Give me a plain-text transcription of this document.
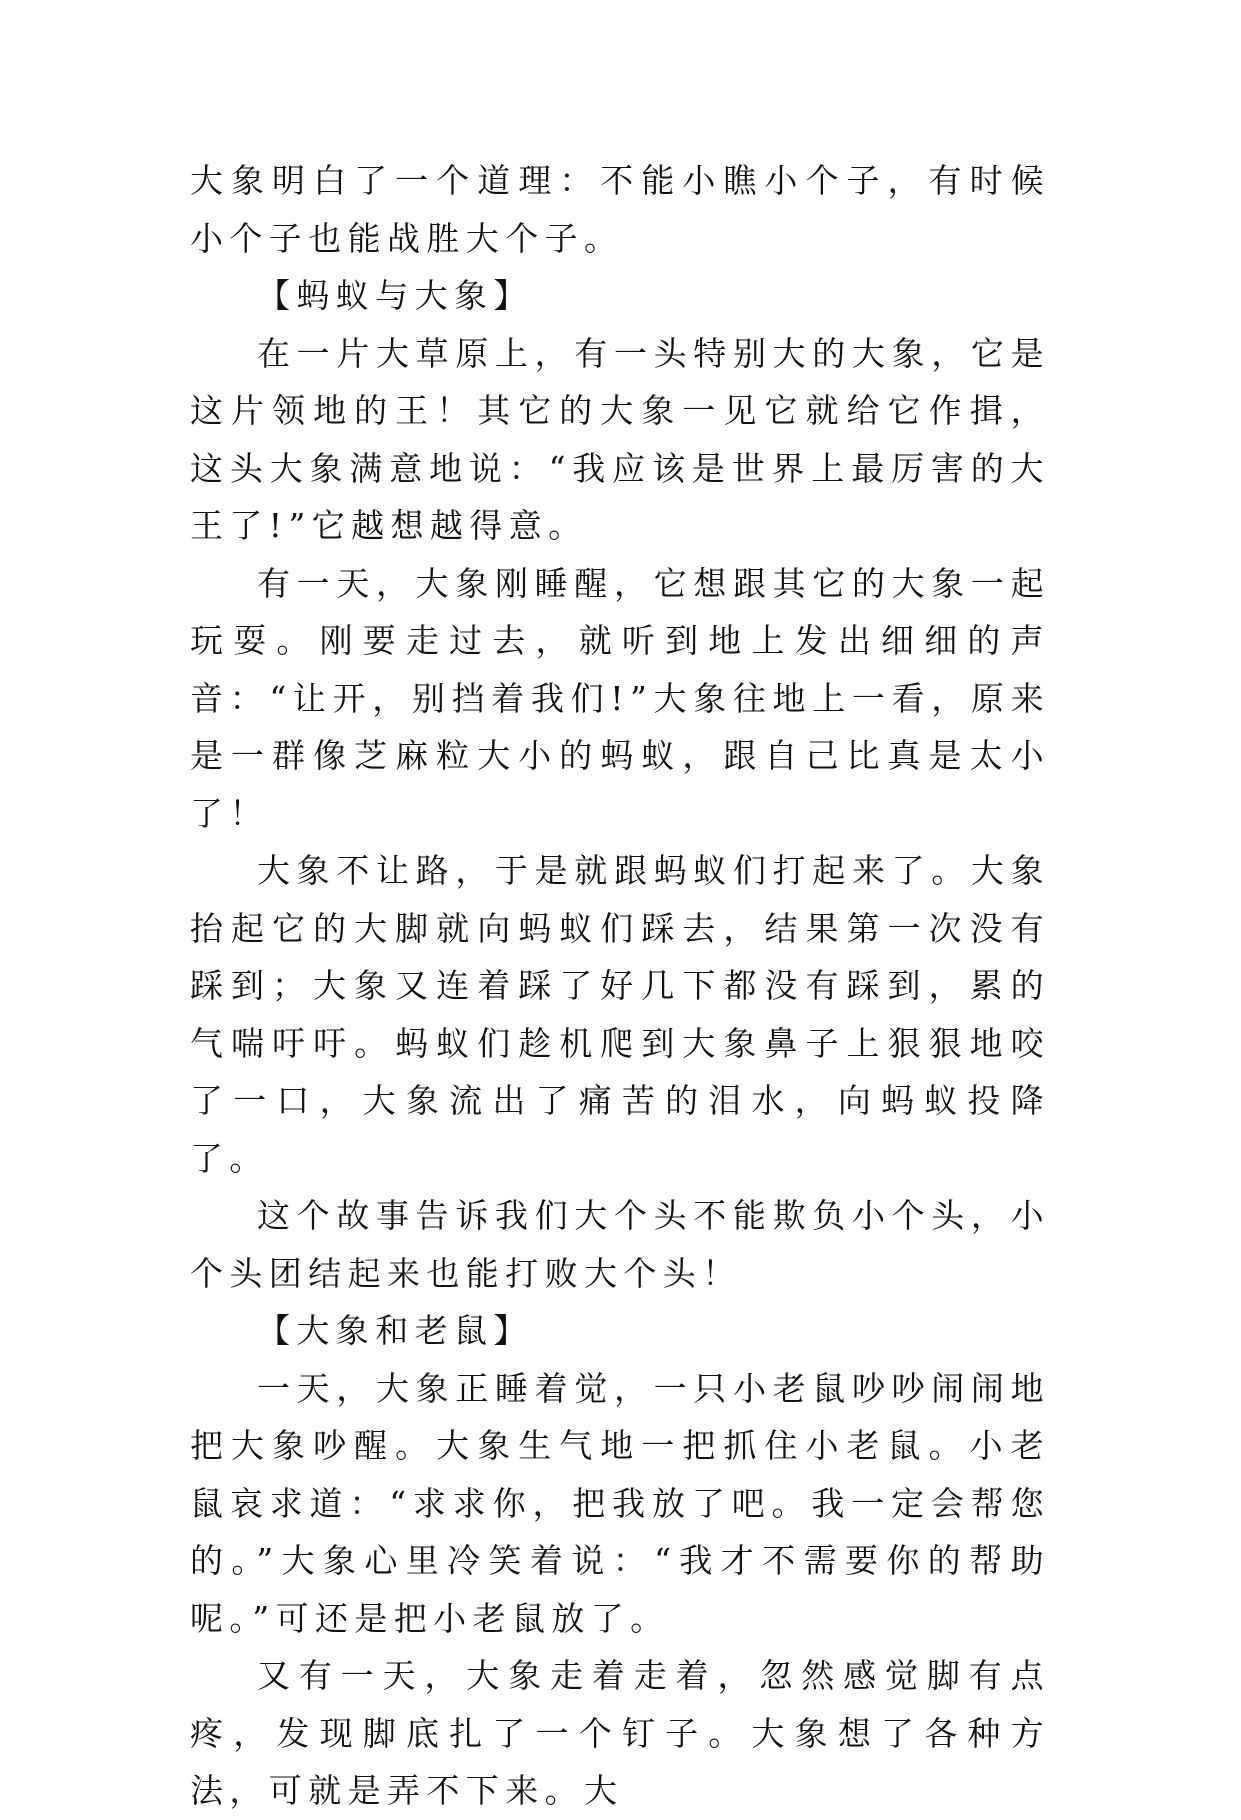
大象明白了一个道理：不能小瞧小个子，有时候小个子也能战胜大个子。

【蚂蚁与大象】

在一片大草原上，有一头特别大的大象，它是这片领地的王！其它的大象一见它就给它作揖，这头大象满意地说：“我应该是世界上最厉害的大王了!”它越想越得意。

有一天，大象刚睡醒，它想跟其它的大象一起玩耍。刚要走过去，就听到地上发出细细的声音：“让开，别挡着我们!”大象往地上一看，原来是一群像芝麻粒大小的蚂蚁，跟自己比真是太小了！

大象不让路，于是就跟蚂蚁们打起来了。大象抬起它的大脚就向蚂蚁们踩去，结果第一次没有踩到；大象又连着踩了好几下都没有踩到，累的气喘吁吁。蚂蚁们趁机爬到大象鼻子上狠狠地咬了一口，大象流出了痛苦的泪水，向蚂蚁投降了。

这个故事告诉我们大个头不能欺负小个头，小个头团结起来也能打败大个头！

【大象和老鼠】

一天，大象正睡着觉，一只小老鼠吵吵闹闹地把大象吵醒。大象生气地一把抓住小老鼠。小老鼠哀求道：“求求你，把我放了吧。我一定会帮您的。”大象心里冷笑着说：“我才不需要你的帮助呢。”可还是把小老鼠放了。

又有一天，大象走着走着，忽然感觉脚有点疼，发现脚底扎了一个钉子。大象想了各种方法，可就是弄不下来。大
